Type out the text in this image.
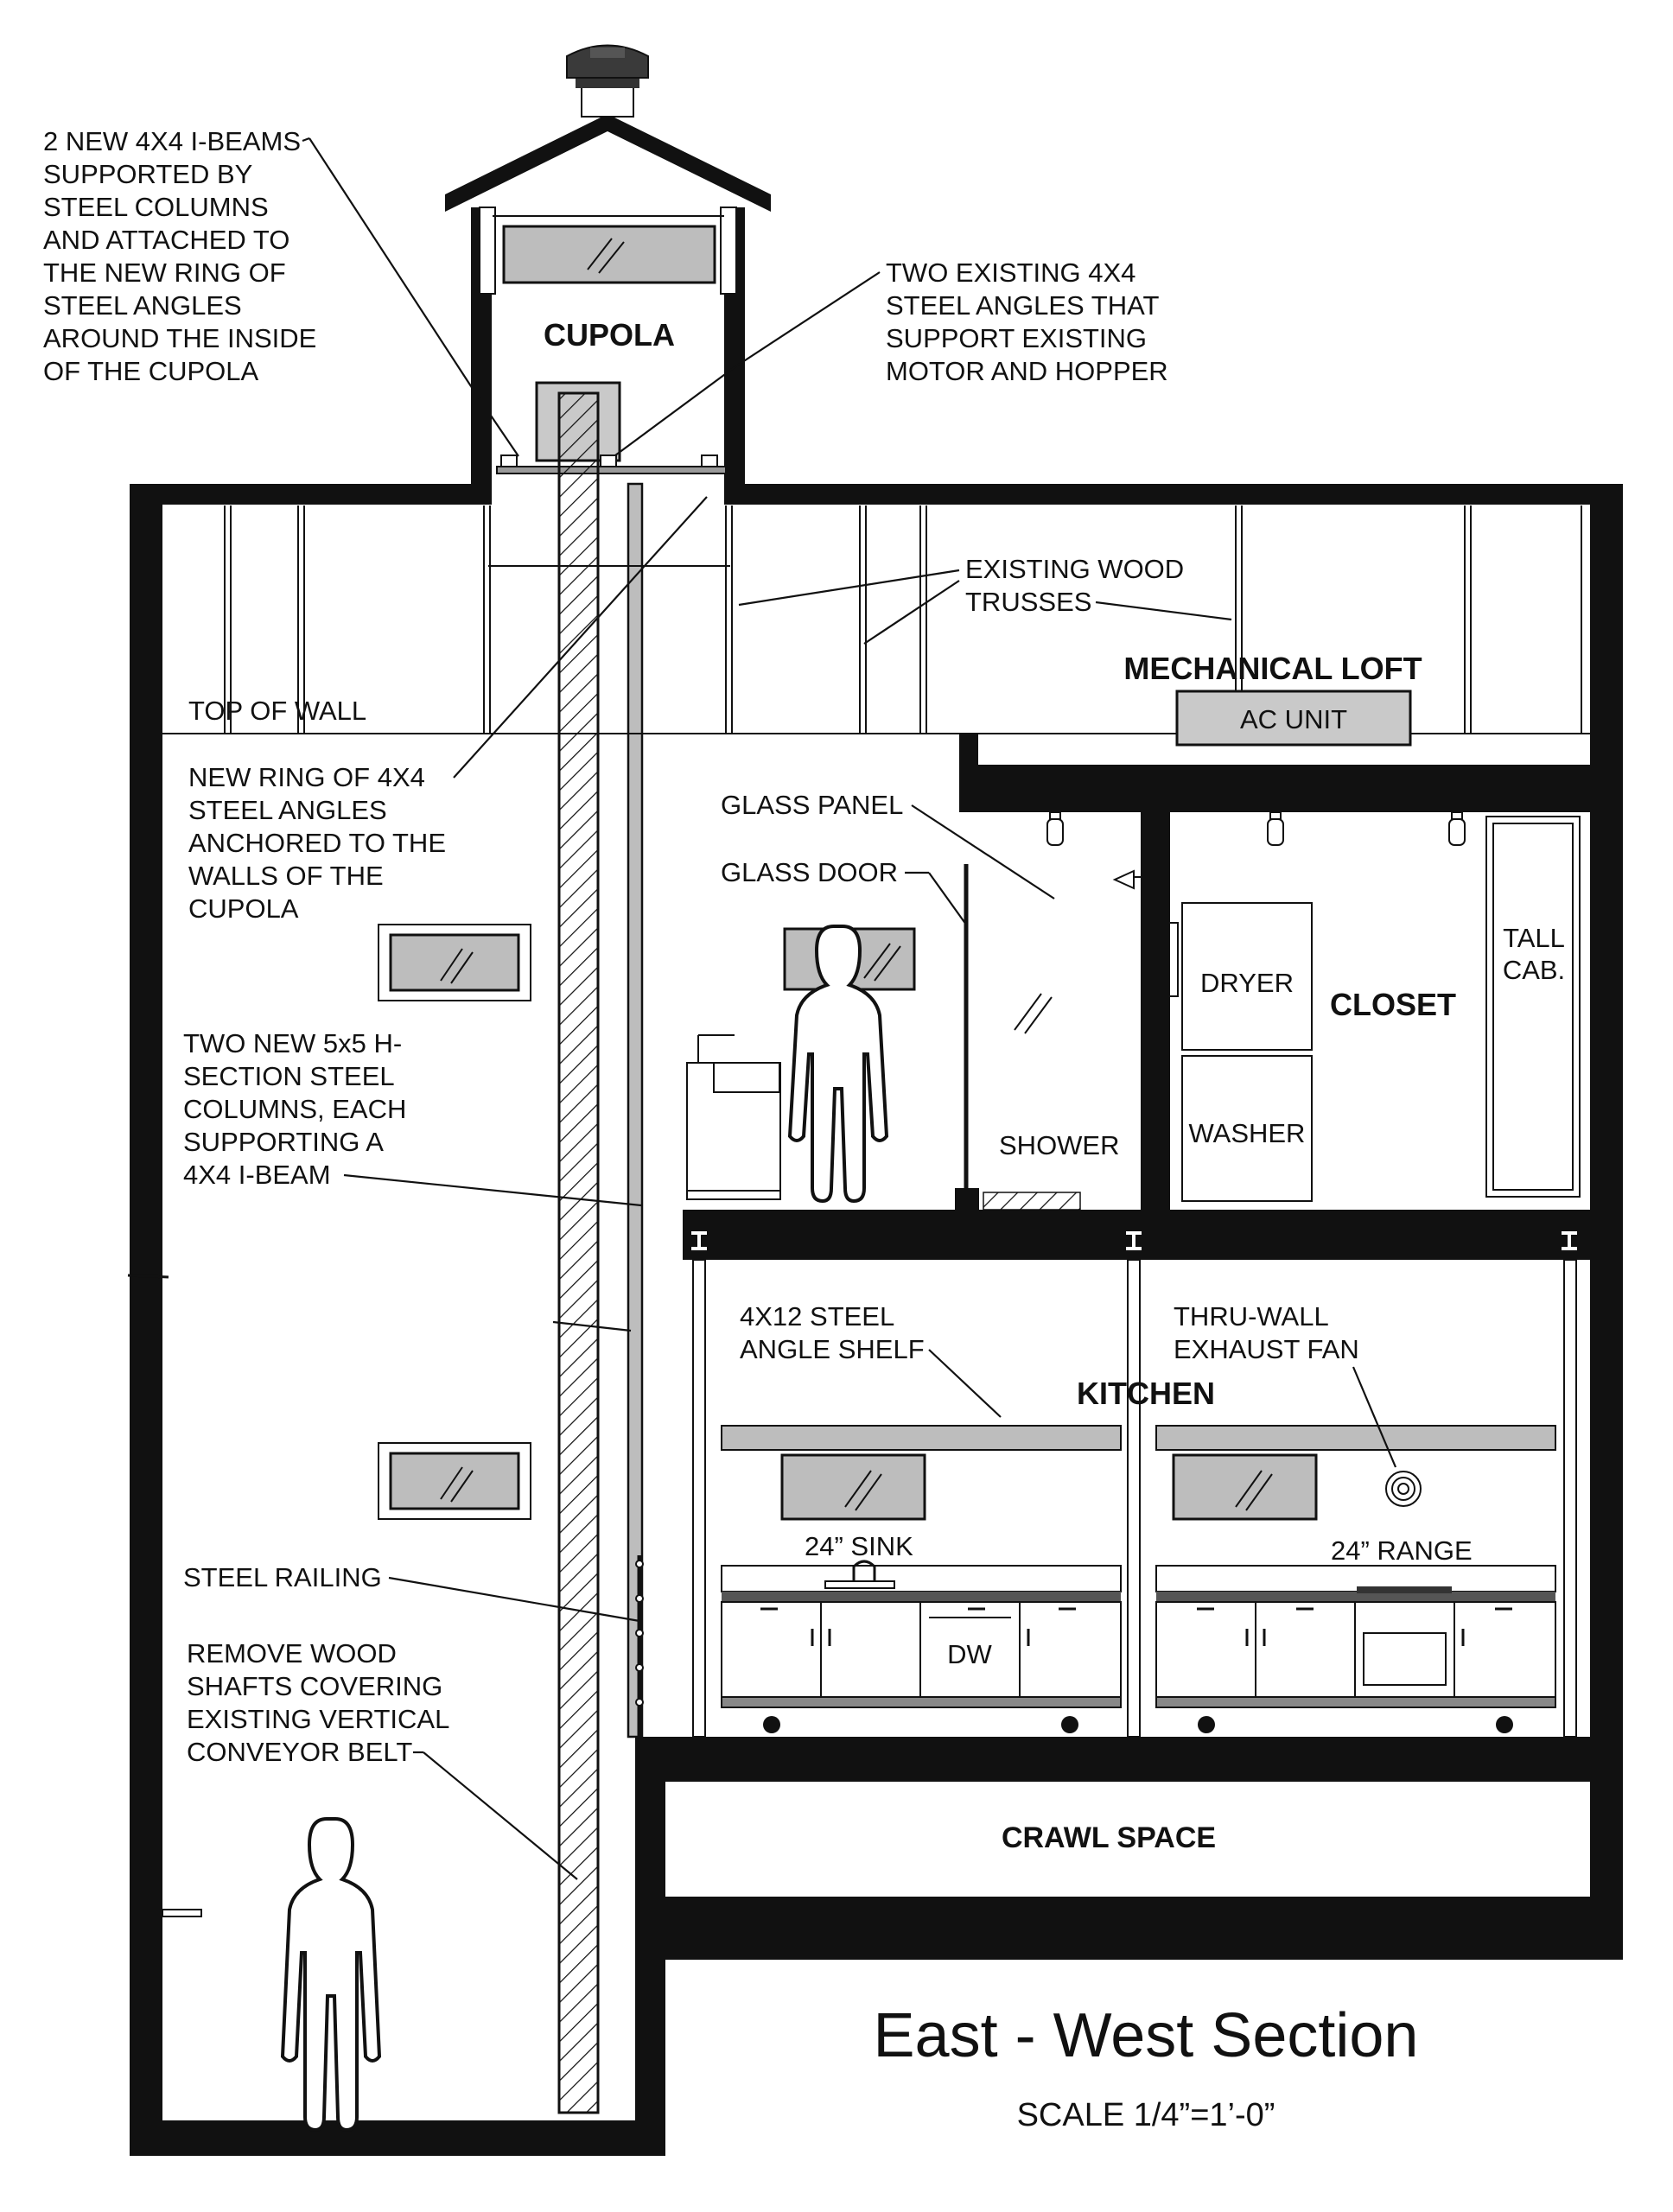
CUPOLA
AC UNIT
MECHANICAL LOFT
DRYER
WASHER
TALL
CAB.
CLOSET
DW
KITCHEN
CRAWL SPACE
2 NEW 4X4 I-BEAMS
SUPPORTED BY
STEEL COLUMNS
AND ATTACHED TO
THE NEW RING OF
STEEL ANGLES
AROUND THE INSIDE
OF THE CUPOLA
TWO EXISTING 4X4
STEEL ANGLES THAT
SUPPORT EXISTING
MOTOR AND HOPPER
EXISTING WOOD
TRUSSES
TOP OF WALL
NEW RING OF 4X4
STEEL ANGLES
ANCHORED TO THE
WALLS OF THE
CUPOLA
TWO NEW 5x5 H-
SECTION STEEL
COLUMNS, EACH
SUPPORTING A
4X4 I-BEAM
GLASS PANEL
GLASS DOOR
SHOWER
4X12 STEEL
ANGLE SHELF
THRU-WALL
EXHAUST FAN
24” SINK	24” RANGE
STEEL RAILING
REMOVE WOOD
SHAFTS COVERING
EXISTING VERTICAL
CONVEYOR BELT
East - West Section
SCALE 1/4”=1’-0”
